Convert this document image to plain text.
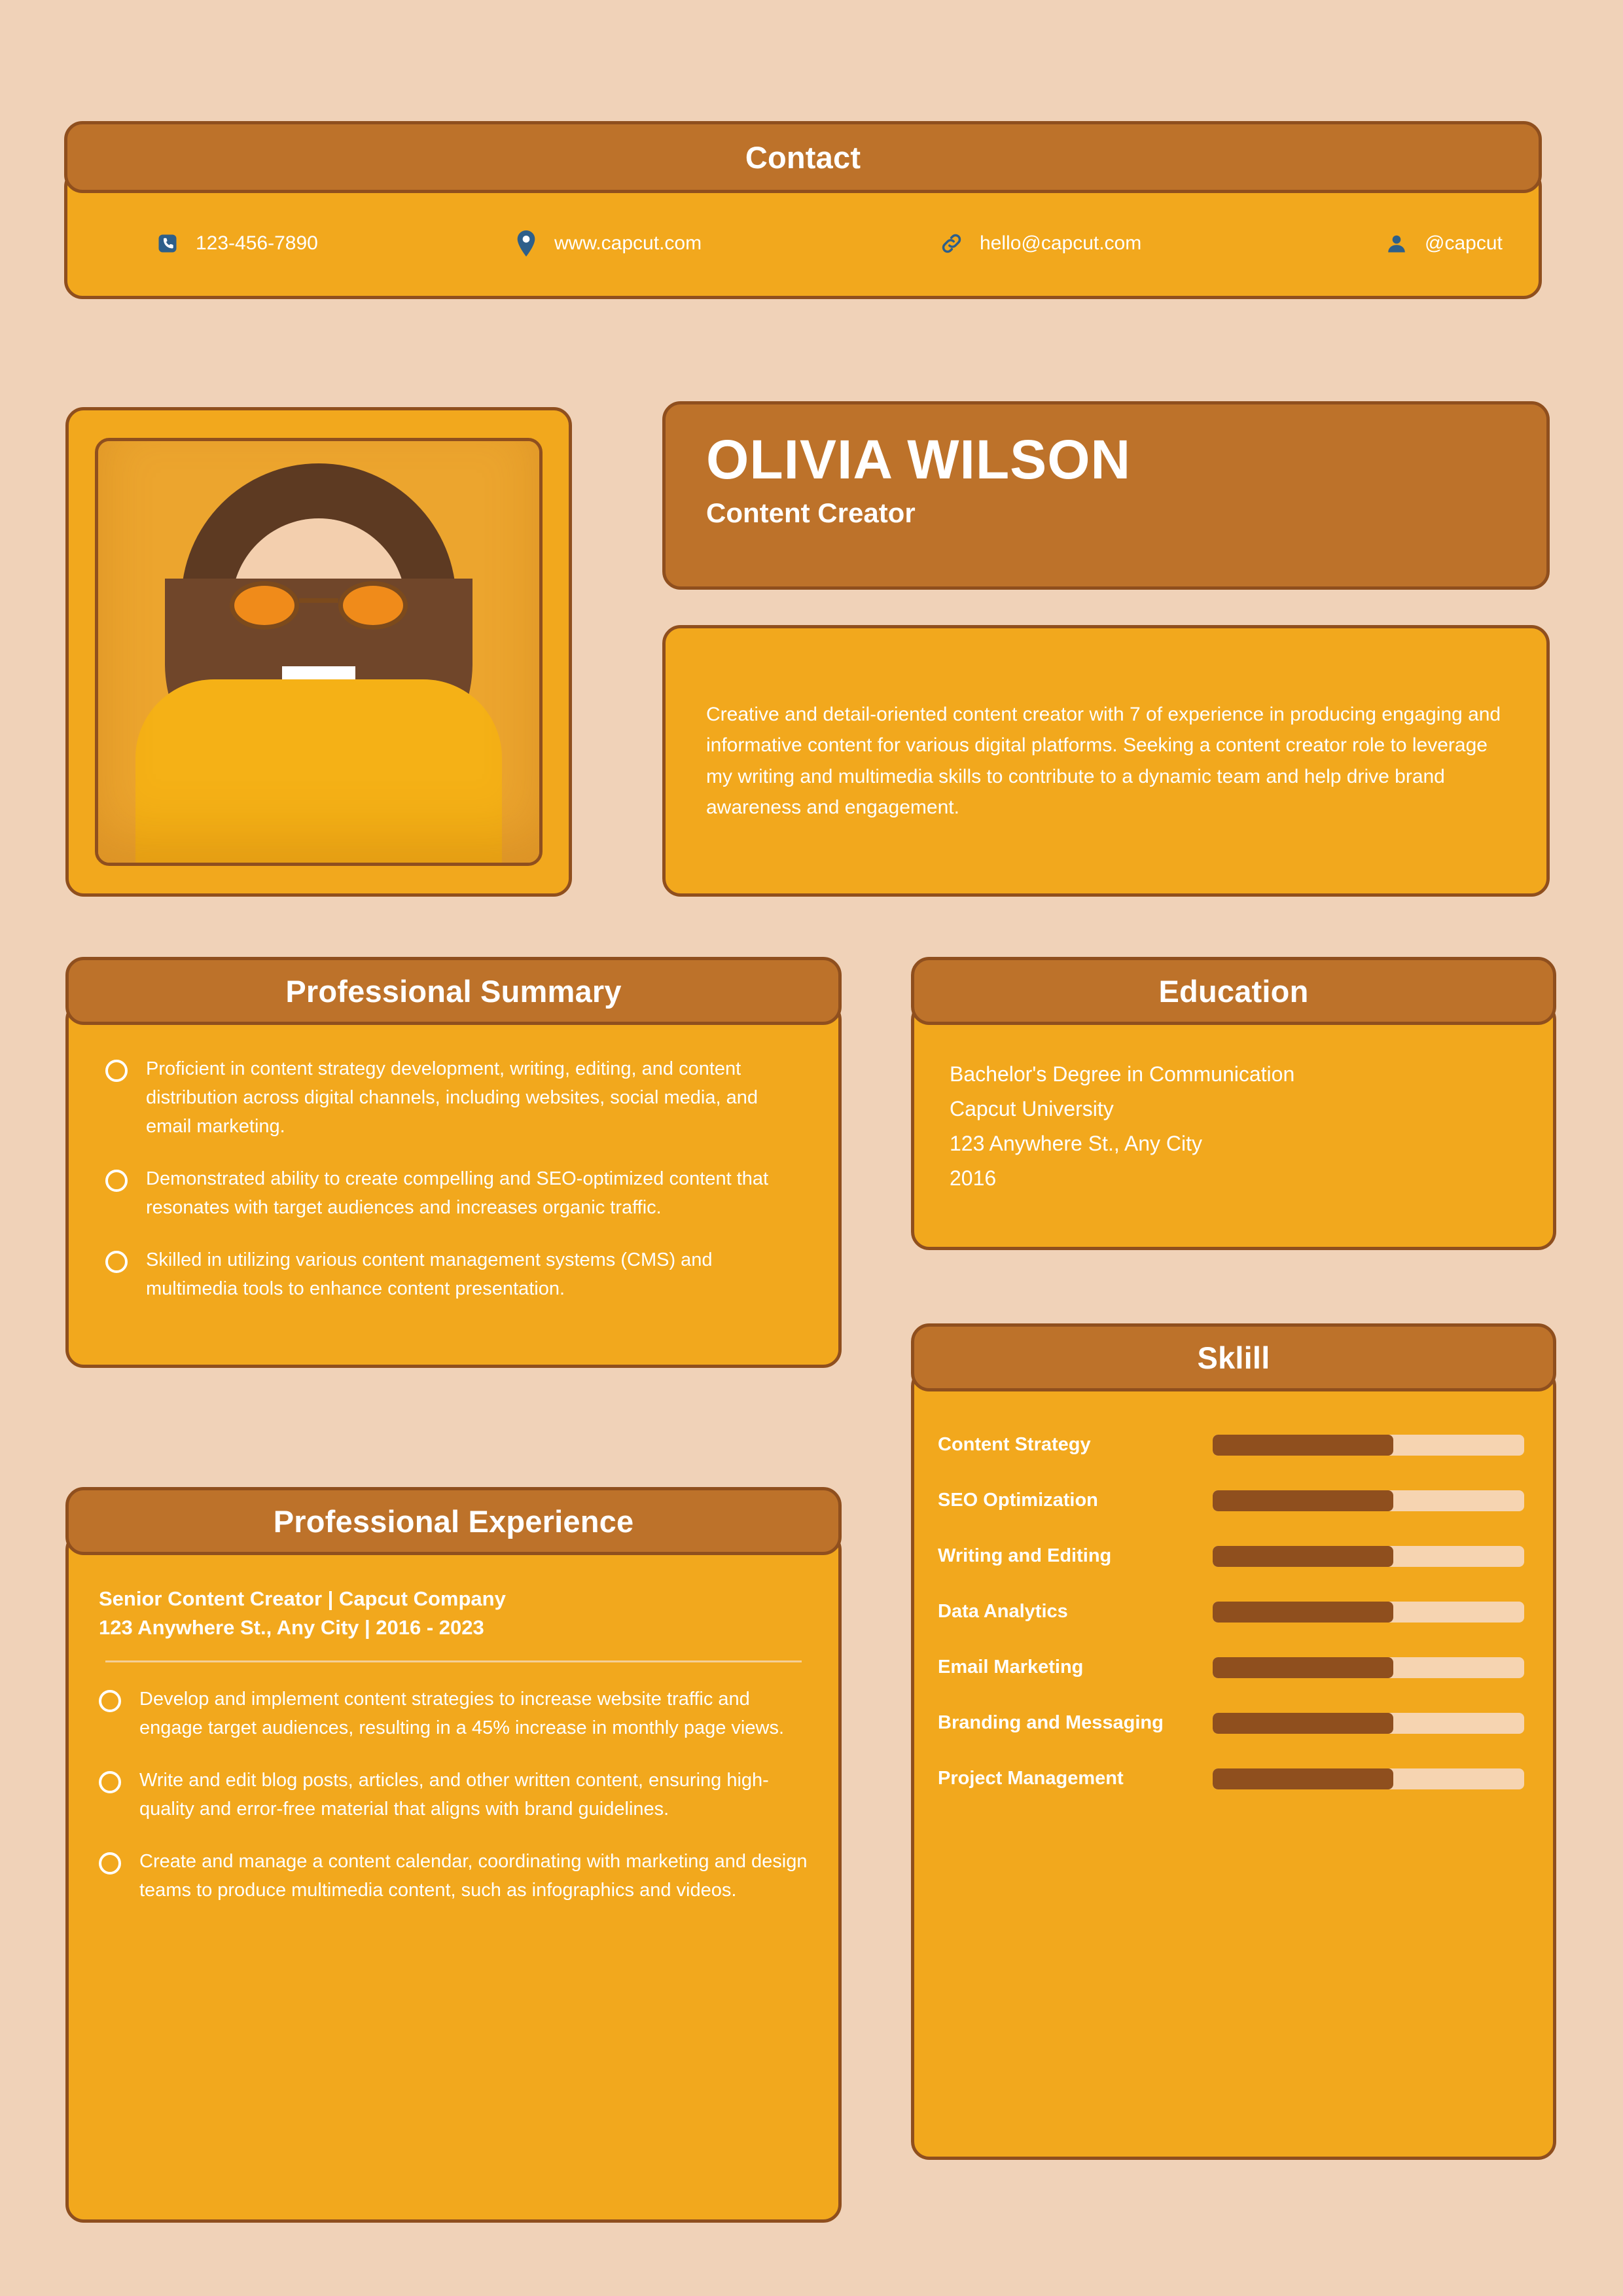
Contact
123-456-7890	www.capcut.com	hello@capcut.com	@capcut
OLIVIA WILSON
Content Creator
Creative and detail-oriented content creator with 7 of experience in producing engaging and informative content for various digital platforms. Seeking a content creator role to leverage my writing and multimedia skills to contribute to a dynamic team and help drive brand awareness and engagement.
Professional Summary
Proficient in content strategy development, writing, editing, and content distribution across digital channels, including websites, social media, and email marketing.
Demonstrated ability to create compelling and SEO-optimized content that resonates with target audiences and increases organic traffic.
Skilled in utilizing various content management systems (CMS) and multimedia tools to enhance content presentation.
Professional Experience
Senior Content Creator | Capcut Company
123 Anywhere St., Any City | 2016 - 2023
Develop and implement content strategies to increase website traffic and engage target audiences, resulting in a 45% increase in monthly page views.
Write and edit blog posts, articles, and other written content, ensuring high-quality and error-free material that aligns with brand guidelines.
Create and manage a content calendar, coordinating with marketing and design teams to produce multimedia content, such as infographics and videos.
Education
Bachelor's Degree in Communication
Capcut University
123 Anywhere St., Any City
2016
Sklill
Content Strategy
SEO Optimization
Writing and Editing
Data Analytics
Email Marketing
Branding and Messaging
Project Management
